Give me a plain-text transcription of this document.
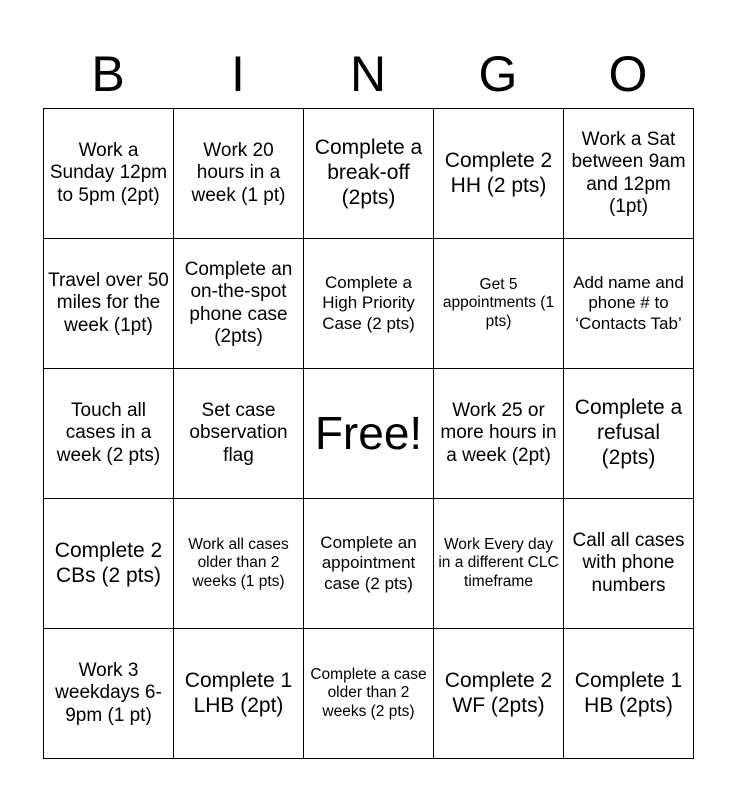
B	I	N	G	O
Work a Sunday 12pm to 5pm (2pt)	Work 20 hours in a week (1 pt)	Complete a break-off (2pts)	Complete 2 HH (2 pts)	Work a Sat between 9am and 12pm (1pt)
Travel over 50 miles for the week (1pt)	Complete an on-the-spot phone case (2pts)	Complete a High Priority Case (2 pts)	Get 5 appointments (1 pts)	Add name and phone # to ‘Contacts Tab’
Touch all cases in a week (2 pts)	Set case observation flag	Free!	Work 25 or more hours in a week (2pt)	Complete a refusal (2pts)
Complete 2 CBs (2 pts)	Work all cases older than 2 weeks (1 pts)	Complete an appointment case (2 pts)	Work Every day in a different CLC timeframe	Call all cases with phone numbers
Work 3 weekdays 6-9pm (1 pt)	Complete 1 LHB (2pt)	Complete a case older than 2 weeks (2 pts)	Complete 2 WF (2pts)	Complete 1 HB (2pts)
